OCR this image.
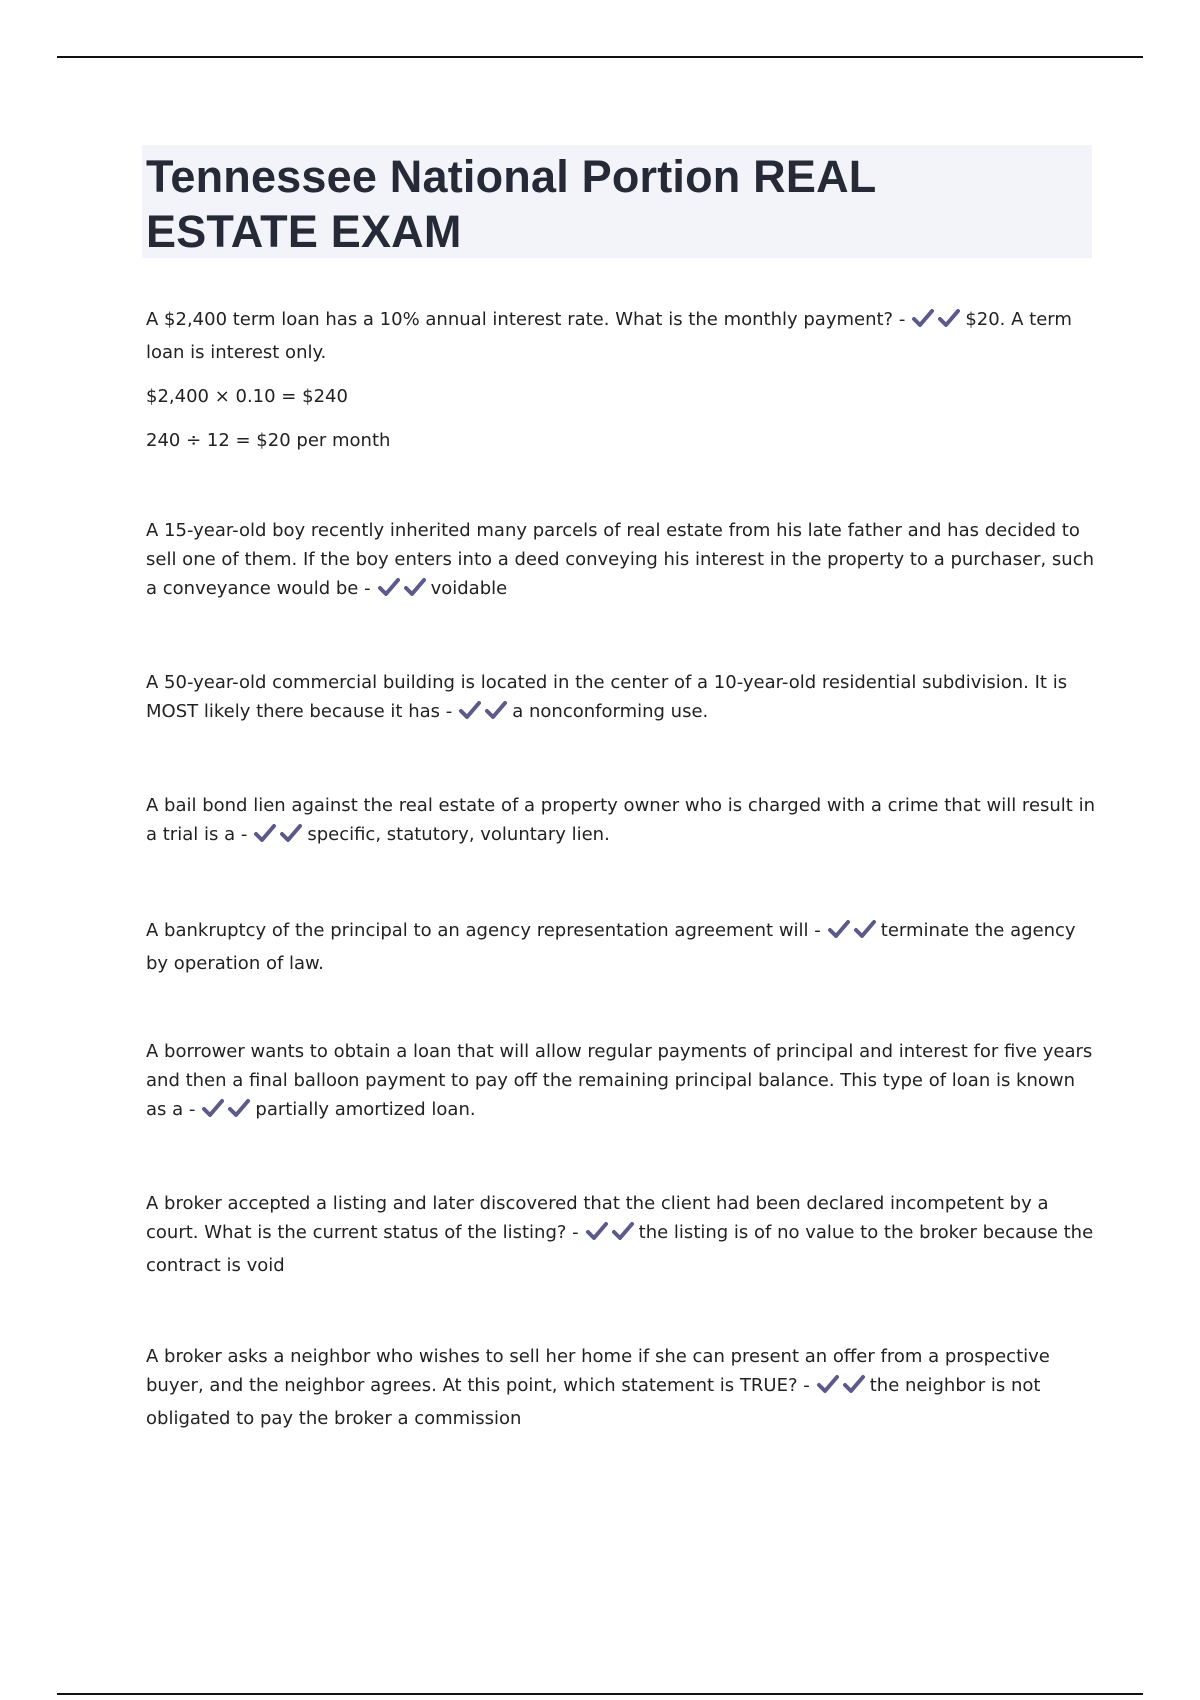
Tennessee National Portion REAL ESTATE EXAM

A $2,400 term loan has a 10% annual interest rate. What is the monthly payment? -	$20. A term loan is interest only.

$2,400 × 0.10 = $240

240 ÷ 12 = $20 per month

A 15-year-old boy recently inherited many parcels of real estate from his late father and has decided to sell one of them. If the boy enters into a deed conveying his interest in the property to a purchaser, such a conveyance would be -	voidable

A 50-year-old commercial building is located in the center of a 10-year-old residential subdivision. It is MOST likely there because it has -	a nonconforming use.

A bail bond lien against the real estate of a property owner who is charged with a crime that will result in a trial is a -	specific, statutory, voluntary lien.

A bankruptcy of the principal to an agency representation agreement will -	terminate the agency by operation of law.

A borrower wants to obtain a loan that will allow regular payments of principal and interest for five years and then a final balloon payment to pay off the remaining principal balance. This type of loan is known as a -	partially amortized loan.

A broker accepted a listing and later discovered that the client had been declared incompetent by a court. What is the current status of the listing? -	the listing is of no value to the broker because the contract is void

A broker asks a neighbor who wishes to sell her home if she can present an offer from a prospective buyer, and the neighbor agrees. At this point, which statement is TRUE? -	the neighbor is not obligated to pay the broker a commission
